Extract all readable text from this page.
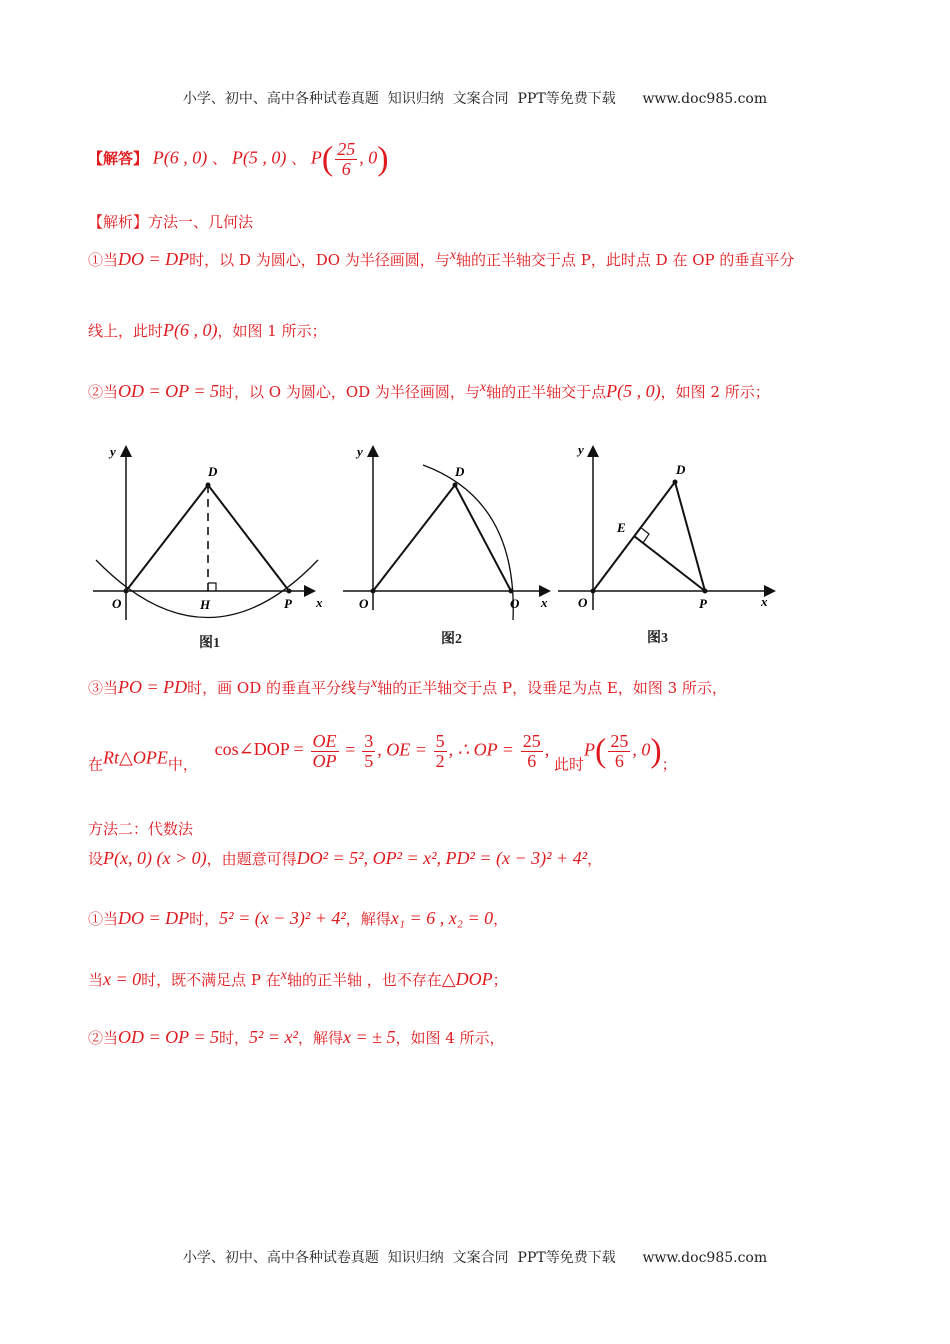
小学、初中、高中各种试卷真题  知识归纳  文案合同  PPT等免费下载      www.doc985.com
【解答】 P(6 , 0) 、 P(5 , 0) 、 $P( \frac{25}{6}$ , 0)
【解析】方法一、几何法
①当DO = DP时，以 D 为圆心，DO 为半径画圆，与x轴的正半轴交于点 P，此时点 D 在 OP 的垂直平分
线上，此时P(6 , 0)，如图 1 所示；
②当OD = OP = 5时，以 O 为圆心，OD 为半径画圆，与x轴的正半轴交于点P(5 , 0)，如图 2 所示；
y
x
O
D
H	P
y
x
O
D
O
y
x
O
D
E
P
图1	图2	图3
③当PO = PD时，画 OD 的垂直平分线与x轴的正半轴交于点 P，设垂足为点 E，如图 3 所示，
在Rt△OPE中， cos∠DOP = $\frac{OE}{OP} = \frac{3}{5}$ , OE = $\frac{5}{2}$ , ∴ OP = $\frac{25}{6}$ , 此时$P( \frac{25}{6}$ , 0)；
方法二：代数法
设P(x, 0) (x > 0)，由题意可得DO² = 5², OP² = x², PD² = (x − 3)² + 4²，
①当DO = DP时，5² = (x − 3)² + 4²，解得x₁ = 6 , x₂ = 0，
当x = 0时，既不满足点 P 在x轴的正半轴 ，也不存在△DOP；
②当OD = OP = 5时，5² = x²，解得x = ± 5，如图 4 所示，
小学、初中、高中各种试卷真题  知识归纳  文案合同  PPT等免费下载      www.doc985.com
